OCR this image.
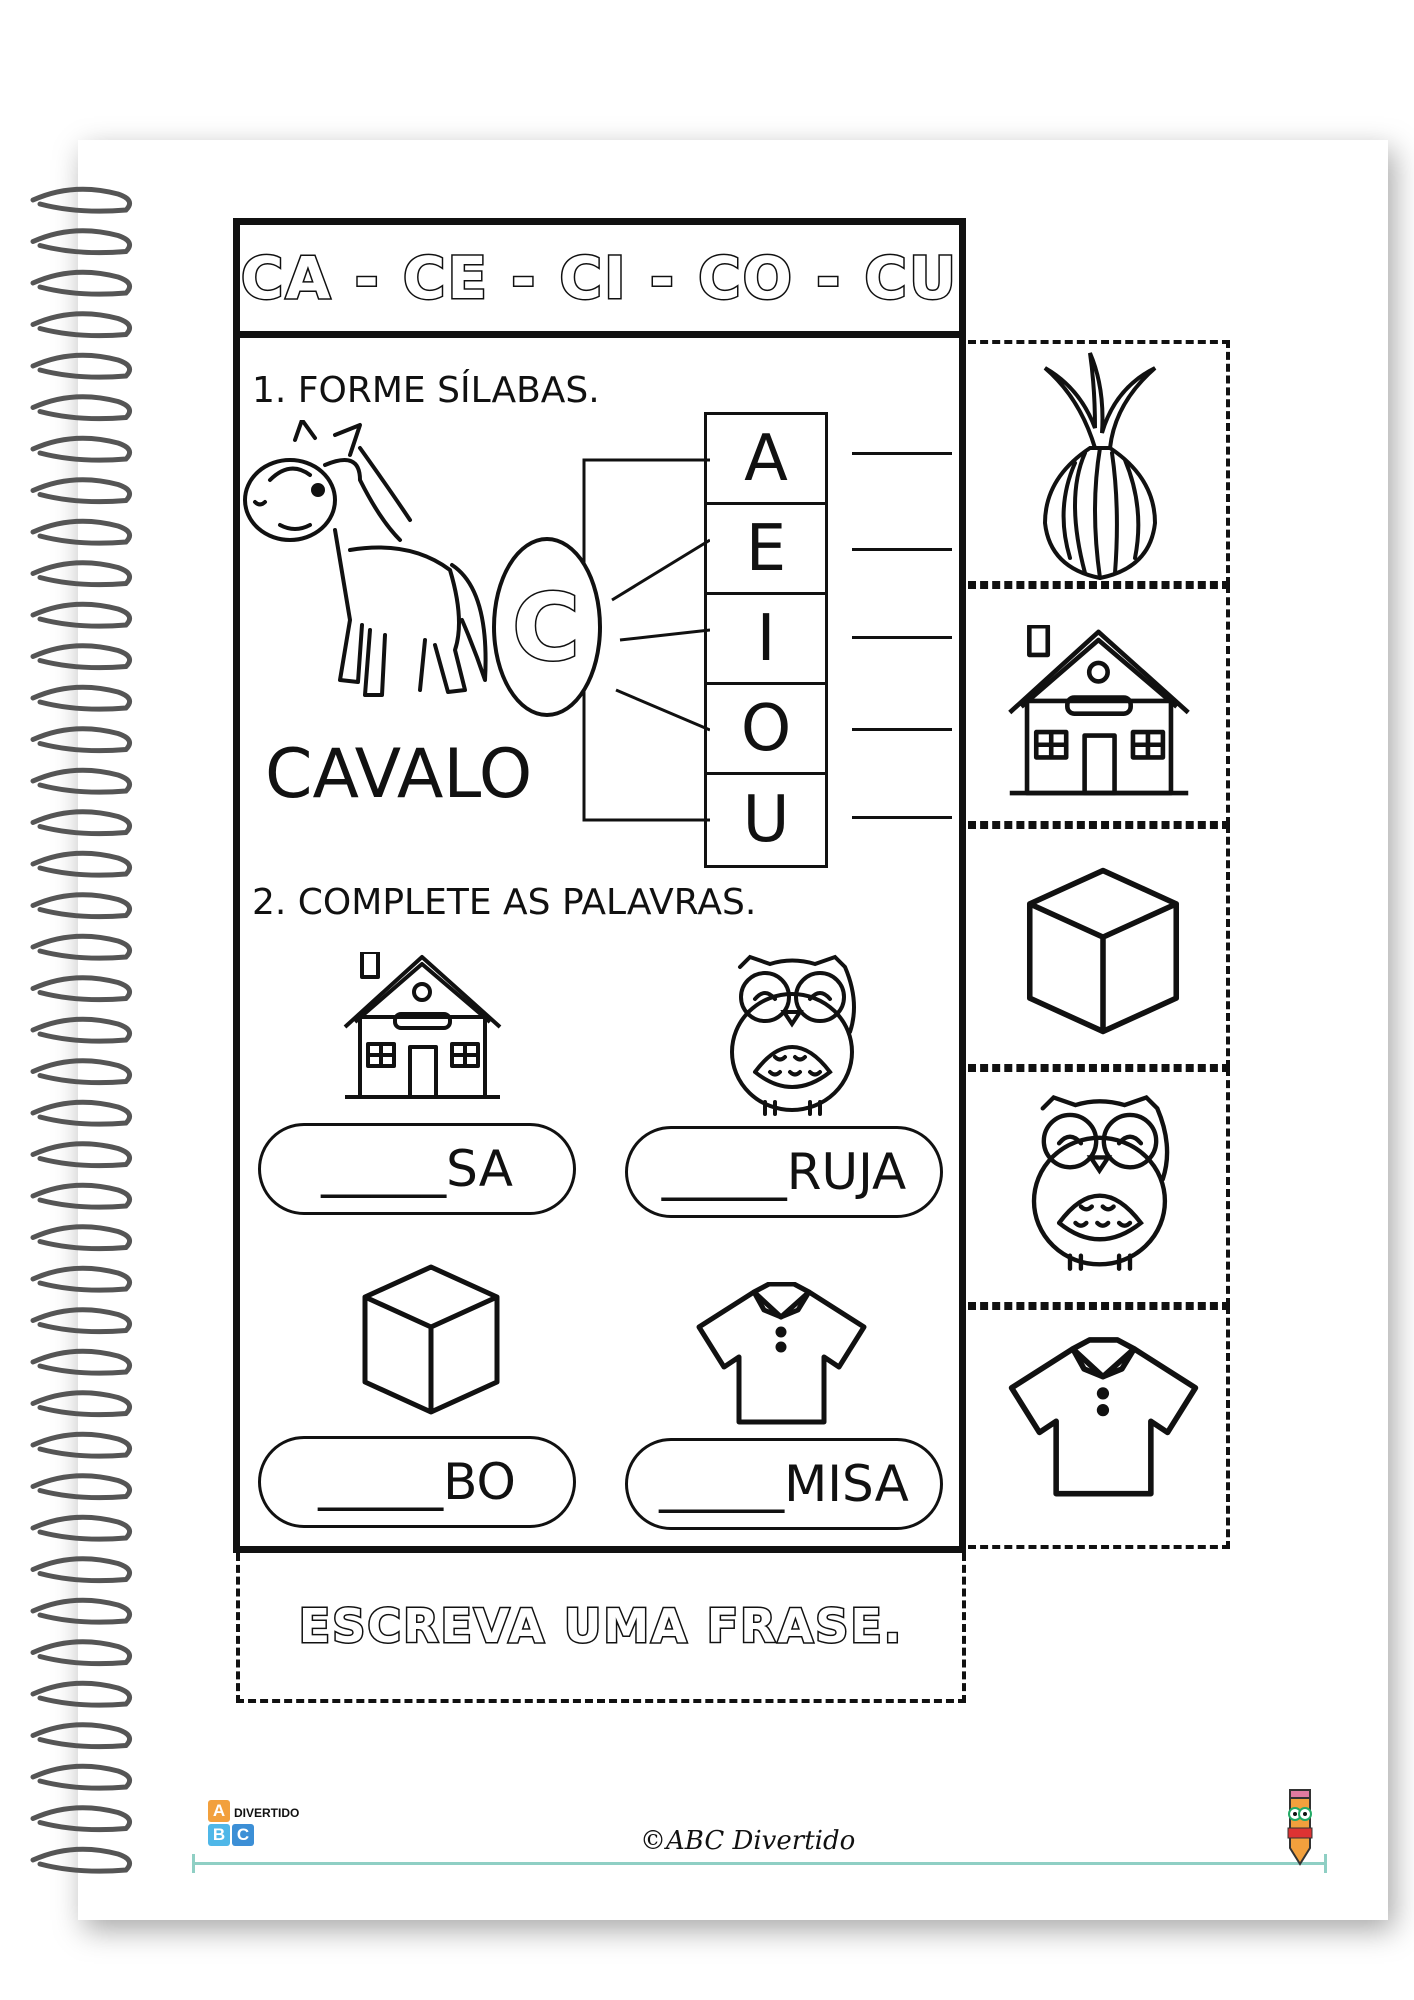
CA - CE - CI - CO - CU
1. FORME SÍLABAS.
CAVALO
C
A
E
I
O
U
2. COMPLETE AS PALAVRAS.
_____ SA	_____ RUJA
_____ BO	_____ MISA
ESCREVA UMA FRASE.
A
B C
DIVERTIDO
©ABC Divertido
